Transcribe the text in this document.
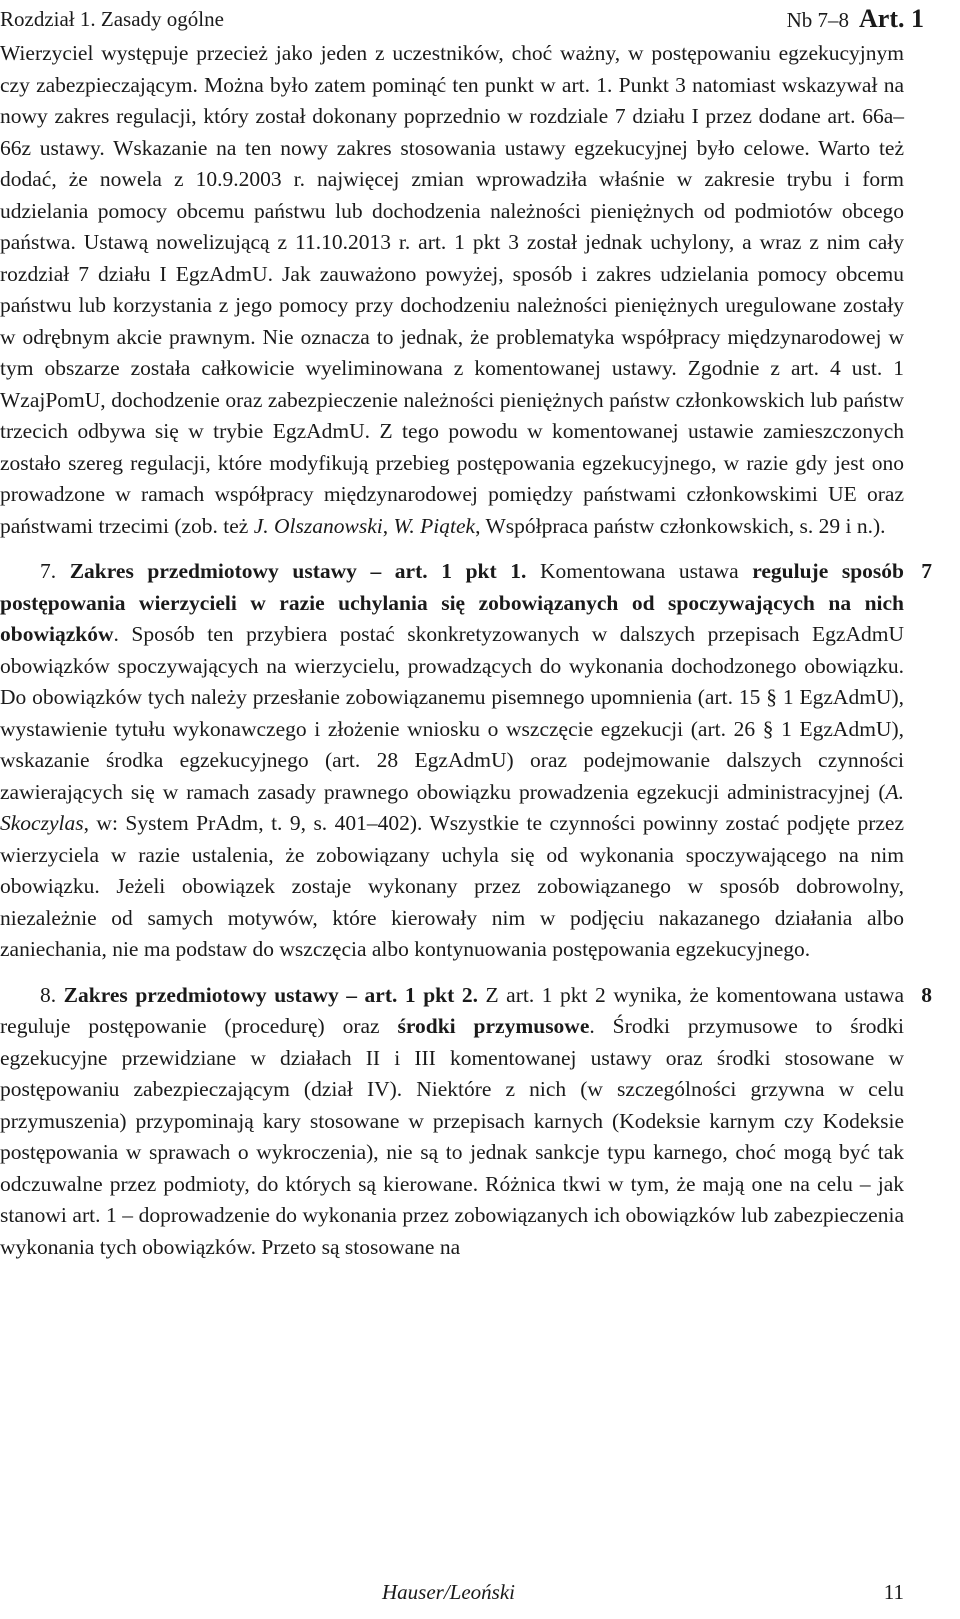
Rozdział 1. Zasady ogólne	Nb 7–8 Art. 1

Wierzyciel występuje przecież jako jeden z uczestników, choć ważny, w postępowaniu egzekucyjnym czy zabezpieczającym. Można było zatem pominąć ten punkt w art. 1. Punkt 3 natomiast wskazywał na nowy zakres regulacji, który został dokonany poprzednio w rozdziale 7 działu I przez dodane art. 66a–66z ustawy. Wskazanie na ten nowy zakres stosowania ustawy egzekucyjnej było celowe. Warto też dodać, że nowela z 10.9.2003 r. najwięcej zmian wprowadziła właśnie w zakresie trybu i form udzielania pomocy obcemu państwu lub dochodzenia należności pieniężnych od podmiotów obcego państwa. Ustawą nowelizującą z 11.10.2013 r. art. 1 pkt 3 został jednak uchylony, a wraz z nim cały rozdział 7 działu I EgzAdmU. Jak zauważono powyżej, sposób i zakres udzielania pomocy obcemu państwu lub korzystania z jego pomocy przy dochodzeniu należności pieniężnych uregulowane zostały w odrębnym akcie prawnym. Nie oznacza to jednak, że problematyka współpracy międzynarodowej w tym obszarze została całkowicie wyeliminowana z komentowanej ustawy. Zgodnie z art. 4 ust. 1 WzajPomU, dochodzenie oraz zabezpieczenie należności pieniężnych państw członkowskich lub państw trzecich odbywa się w trybie EgzAdmU. Z tego powodu w komentowanej ustawie zamieszczonych zostało szereg regulacji, które modyfikują przebieg postępowania egzekucyjnego, w razie gdy jest ono prowadzone w ramach współpracy międzynarodowej pomiędzy państwami członkowskimi UE oraz państwami trzecimi (zob. też J. Olszanowski, W. Piątek, Współpraca państw członkowskich, s. 29 i n.).

7
7. Zakres przedmiotowy ustawy – art. 1 pkt 1. Komentowana ustawa reguluje sposób postępowania wierzycieli w razie uchylania się zobowiązanych od spoczywających na nich obowiązków. Sposób ten przybiera postać skonkretyzowanych w dalszych przepisach EgzAdmU obowiązków spoczywających na wierzycielu, prowadzących do wykonania dochodzonego obowiązku. Do obowiązków tych należy przesłanie zobowiązanemu pisemnego upomnienia (art. 15 § 1 EgzAdmU), wystawienie tytułu wykonawczego i złożenie wniosku o wszczęcie egzekucji (art. 26 § 1 EgzAdmU), wskazanie środka egzekucyjnego (art. 28 EgzAdmU) oraz podejmowanie dalszych czynności zawierających się w ramach zasady prawnego obowiązku prowadzenia egzekucji administracyjnej (A. Skoczylas, w: System PrAdm, t. 9, s. 401–402). Wszystkie te czynności powinny zostać podjęte przez wierzyciela w razie ustalenia, że zobowiązany uchyla się od wykonania spoczywającego na nim obowiązku. Jeżeli obowiązek zostaje wykonany przez zobowiązanego w sposób dobrowolny, niezależnie od samych motywów, które kierowały nim w podjęciu nakazanego działania albo zaniechania, nie ma podstaw do wszczęcia albo kontynuowania postępowania egzekucyjnego.

8
8. Zakres przedmiotowy ustawy – art. 1 pkt 2. Z art. 1 pkt 2 wynika, że komentowana ustawa reguluje postępowanie (procedurę) oraz środki przymusowe. Środki przymusowe to środki egzekucyjne przewidziane w działach II i III komentowanej ustawy oraz środki stosowane w postępowaniu zabezpieczającym (dział IV). Niektóre z nich (w szczególności grzywna w celu przymuszenia) przypominają kary stosowane w przepisach karnych (Kodeksie karnym czy Kodeksie postępowania w sprawach o wykroczenia), nie są to jednak sankcje typu karnego, choć mogą być tak odczuwalne przez podmioty, do których są kierowane. Różnica tkwi w tym, że mają one na celu – jak stanowi art. 1 – doprowadzenie do wykonania przez zobowiązanych ich obowiązków lub zabezpieczenia wykonania tych obowiązków. Przeto są stosowane na

Hauser/Leoński	11
